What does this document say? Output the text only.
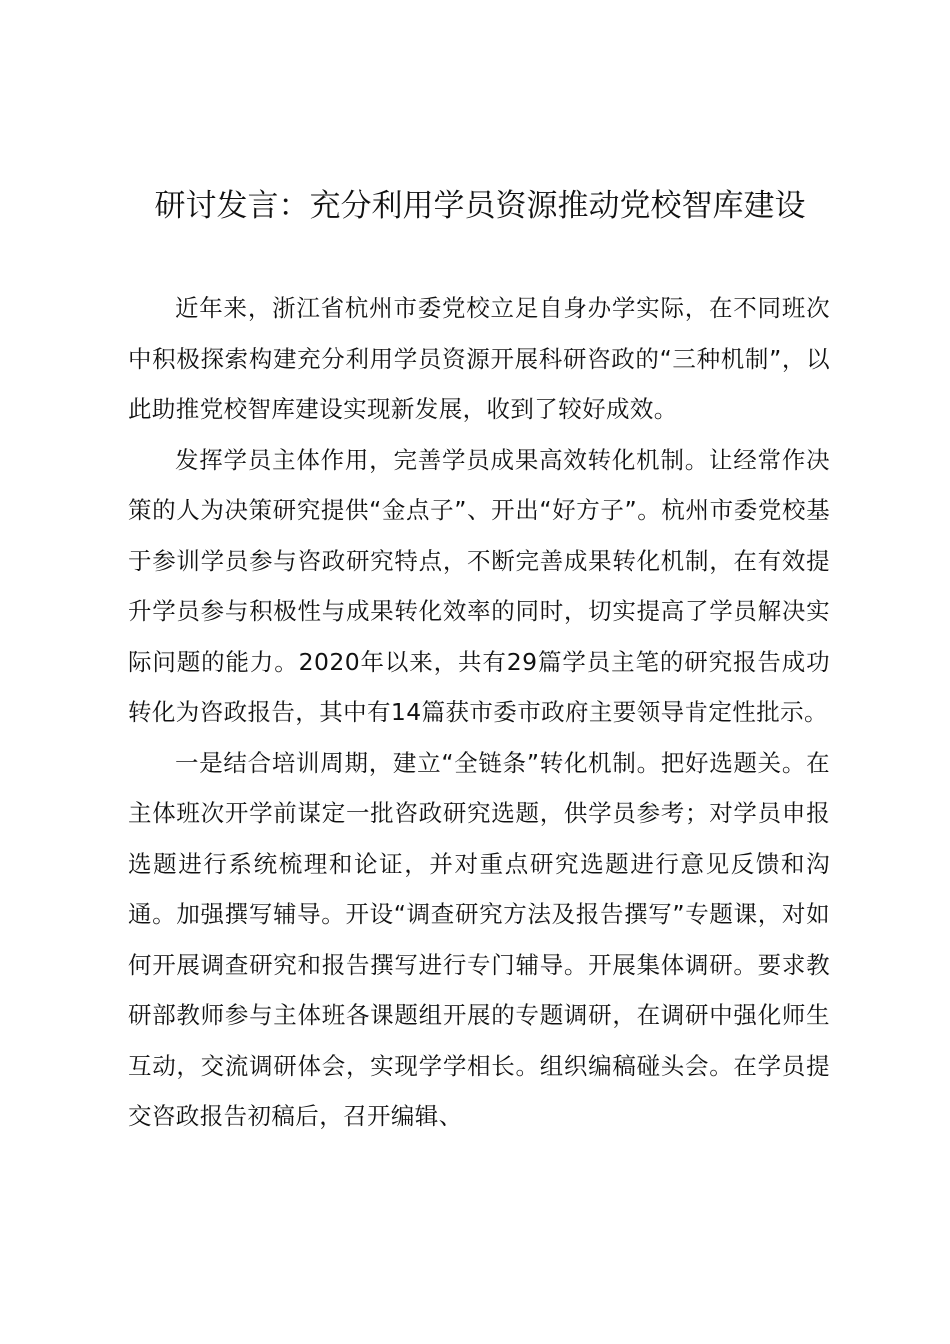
研讨发言：充分利用学员资源推动党校智库建设

近年来，浙江省杭州市委党校立足自身办学实际，在不同班次中积极探索构建充分利用学员资源开展科研咨政的“三种机制”，以此助推党校智库建设实现新发展，收到了较好成效。

发挥学员主体作用，完善学员成果高效转化机制。让经常作决策的人为决策研究提供“金点子”、开出“好方子”。杭州市委党校基于参训学员参与咨政研究特点，不断完善成果转化机制，在有效提升学员参与积极性与成果转化效率的同时，切实提高了学员解决实际问题的能力。2020年以来，共有29篇学员主笔的研究报告成功转化为咨政报告，其中有14篇获市委市政府主要领导肯定性批示。

一是结合培训周期，建立“全链条”转化机制。把好选题关。在主体班次开学前谋定一批咨政研究选题，供学员参考；对学员申报选题进行系统梳理和论证，并对重点研究选题进行意见反馈和沟通。加强撰写辅导。开设“调查研究方法及报告撰写”专题课，对如何开展调查研究和报告撰写进行专门辅导。开展集体调研。要求教研部教师参与主体班各课题组开展的专题调研，在调研中强化师生互动，交流调研体会，实现学学相长。组织编稿碰头会。在学员提交咨政报告初稿后，召开编辑、
